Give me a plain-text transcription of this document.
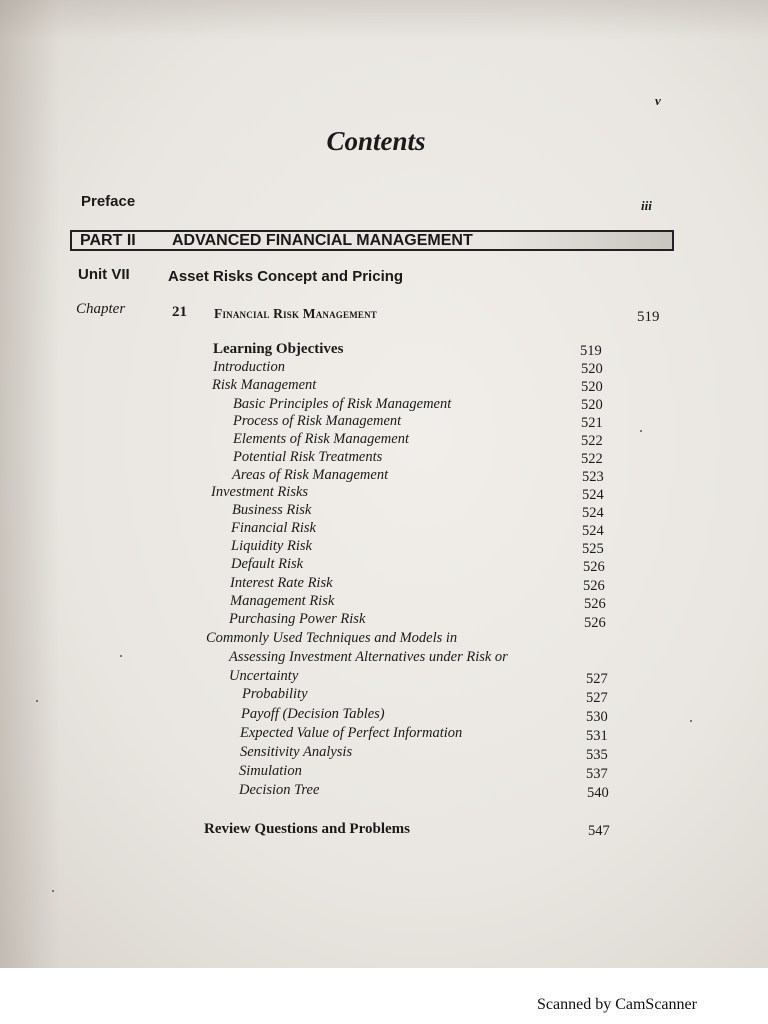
v
Contents
Preface	iii
PART II ADVANCED FINANCIAL MANAGEMENT
Unit VII	Asset Risks Concept and Pricing
Chapter	21 Financial Risk Management	519
Learning Objectives	519
Introduction	520
Risk Management	520
Basic Principles of Risk Management	520
Process of Risk Management	521
Elements of Risk Management	522
Potential Risk Treatments	522
Areas of Risk Management	523
Investment Risks	524
Business Risk	524
Financial Risk	524
Liquidity Risk	525
Default Risk	526
Interest Rate Risk	526
Management Risk	526
Purchasing Power Risk	526
Commonly Used Techniques and Models in
Assessing Investment Alternatives under Risk or
Uncertainty	527
Probability	527
Payoff (Decision Tables)	530
Expected Value of Perfect Information	531
Sensitivity Analysis	535
Simulation	537
Decision Tree	540
Review Questions and Problems	547
Scanned by CamScanner
